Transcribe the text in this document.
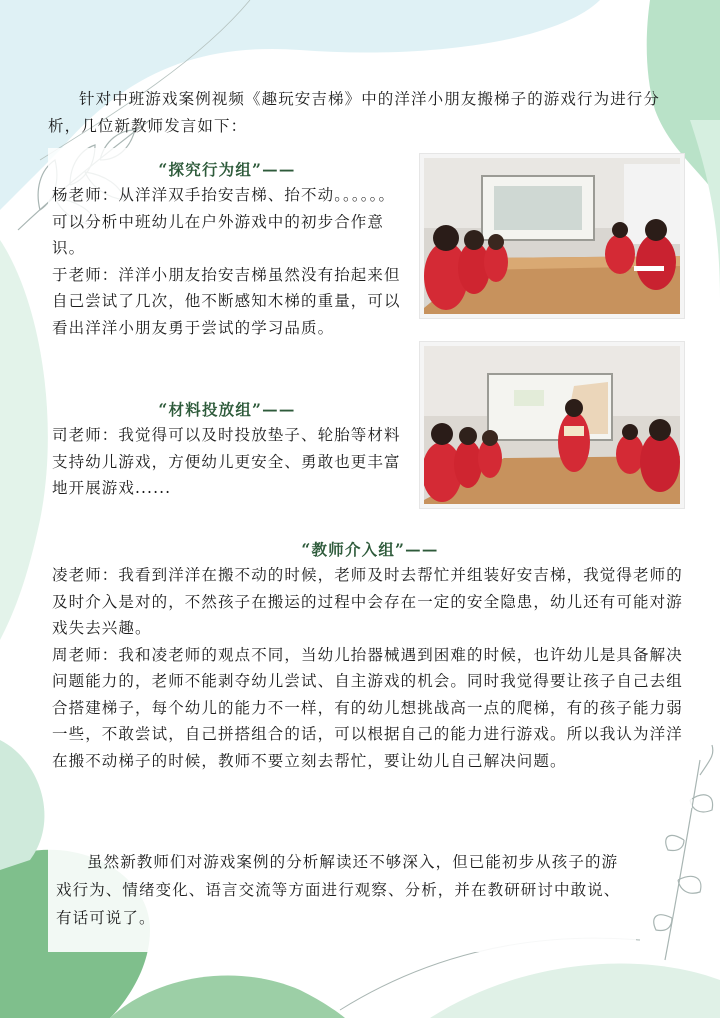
针对中班游戏案例视频《趣玩安吉梯》中的洋洋小朋友搬梯子的游戏行为进行分析，几位新教师发言如下：

“探究行为组”——

杨老师：从洋洋双手抬安吉梯、抬不动。。。。。。可以分析中班幼儿在户外游戏中的初步合作意识。

于老师：洋洋小朋友抬安吉梯虽然没有抬起来但自己尝试了几次，他不断感知木梯的重量，可以看出洋洋小朋友勇于尝试的学习品质。

“材料投放组”——

司老师：我觉得可以及时投放垫子、轮胎等材料支持幼儿游戏，方便幼儿更安全、勇敢也更丰富地开展游戏......

“教师介入组”——

凌老师：我看到洋洋在搬不动的时候，老师及时去帮忙并组装好安吉梯，我觉得老师的及时介入是对的，不然孩子在搬运的过程中会存在一定的安全隐患，幼儿还有可能对游戏失去兴趣。

周老师：我和凌老师的观点不同，当幼儿抬器械遇到困难的时候，也许幼儿是具备解决问题能力的，老师不能剥夺幼儿尝试、自主游戏的机会。同时我觉得要让孩子自己去组合搭建梯子，每个幼儿的能力不一样，有的幼儿想挑战高一点的爬梯，有的孩子能力弱一些，不敢尝试，自己拼搭组合的话，可以根据自己的能力进行游戏。所以我认为洋洋在搬不动梯子的时候，教师不要立刻去帮忙，要让幼儿自己解决问题。

虽然新教师们对游戏案例的分析解读还不够深入，但已能初步从孩子的游戏行为、情绪变化、语言交流等方面进行观察、分析，并在教研研讨中敢说、有话可说了。
